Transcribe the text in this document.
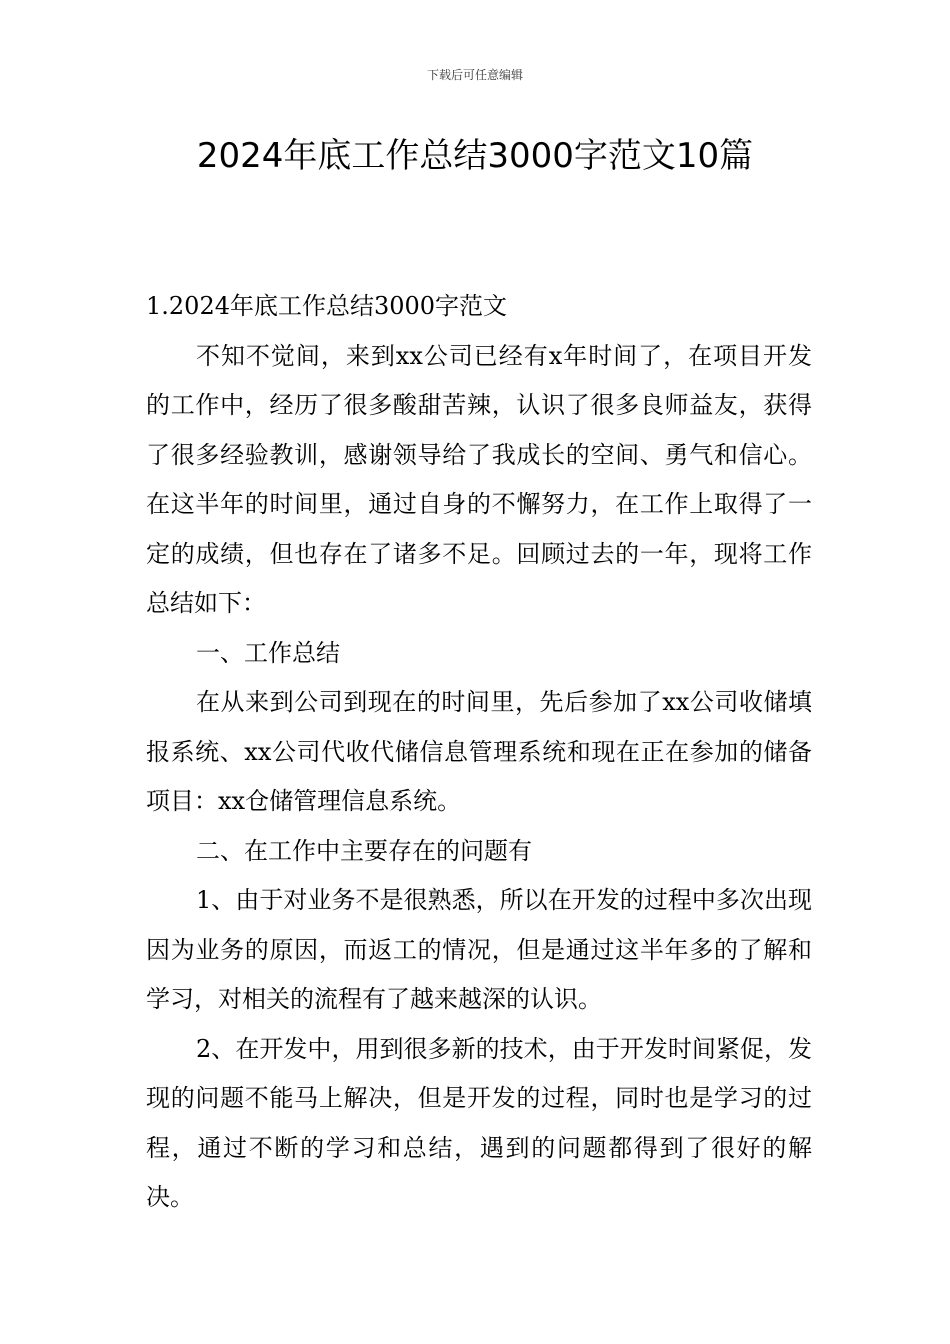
下载后可任意编辑
2024年底工作总结3000字范文10篇

1.2024年底工作总结3000字范文

不知不觉间，来到xx公司已经有x年时间了，在项目开发的工作中，经历了很多酸甜苦辣，认识了很多良师益友，获得了很多经验教训，感谢领导给了我成长的空间、勇气和信心。在这半年的时间里，通过自身的不懈努力，在工作上取得了一定的成绩，但也存在了诸多不足。回顾过去的一年，现将工作总结如下：

一、工作总结

在从来到公司到现在的时间里，先后参加了xx公司收储填报系统、xx公司代收代储信息管理系统和现在正在参加的储备项目：xx仓储管理信息系统。

二、在工作中主要存在的问题有

1、由于对业务不是很熟悉，所以在开发的过程中多次出现因为业务的原因，而返工的情况，但是通过这半年多的了解和学习，对相关的流程有了越来越深的认识。

2、在开发中，用到很多新的技术，由于开发时间紧促，发现的问题不能马上解决，但是开发的过程，同时也是学习的过程，通过不断的学习和总结，遇到的问题都得到了很好的解决。
